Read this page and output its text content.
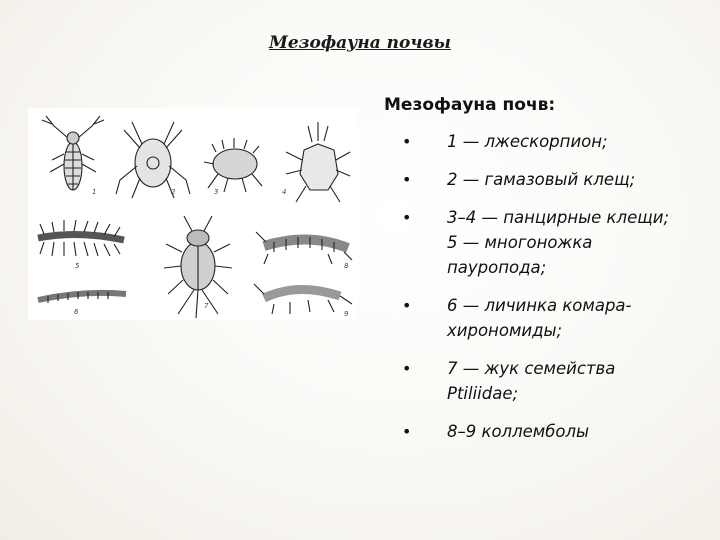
Мезофауна почвы
1	2	3	4
5
6
7
8
9
Мезофауна почв:
• 1 — лжескорпион;
• 2 — гамазовый клещ;
• 3–4 — панцирные клещи; 5 — многоножка пауропода;
• 6 — личинка комара-хирономиды;
• 7 — жук семейства Ptiliidae;
• 8–9 коллемболы
